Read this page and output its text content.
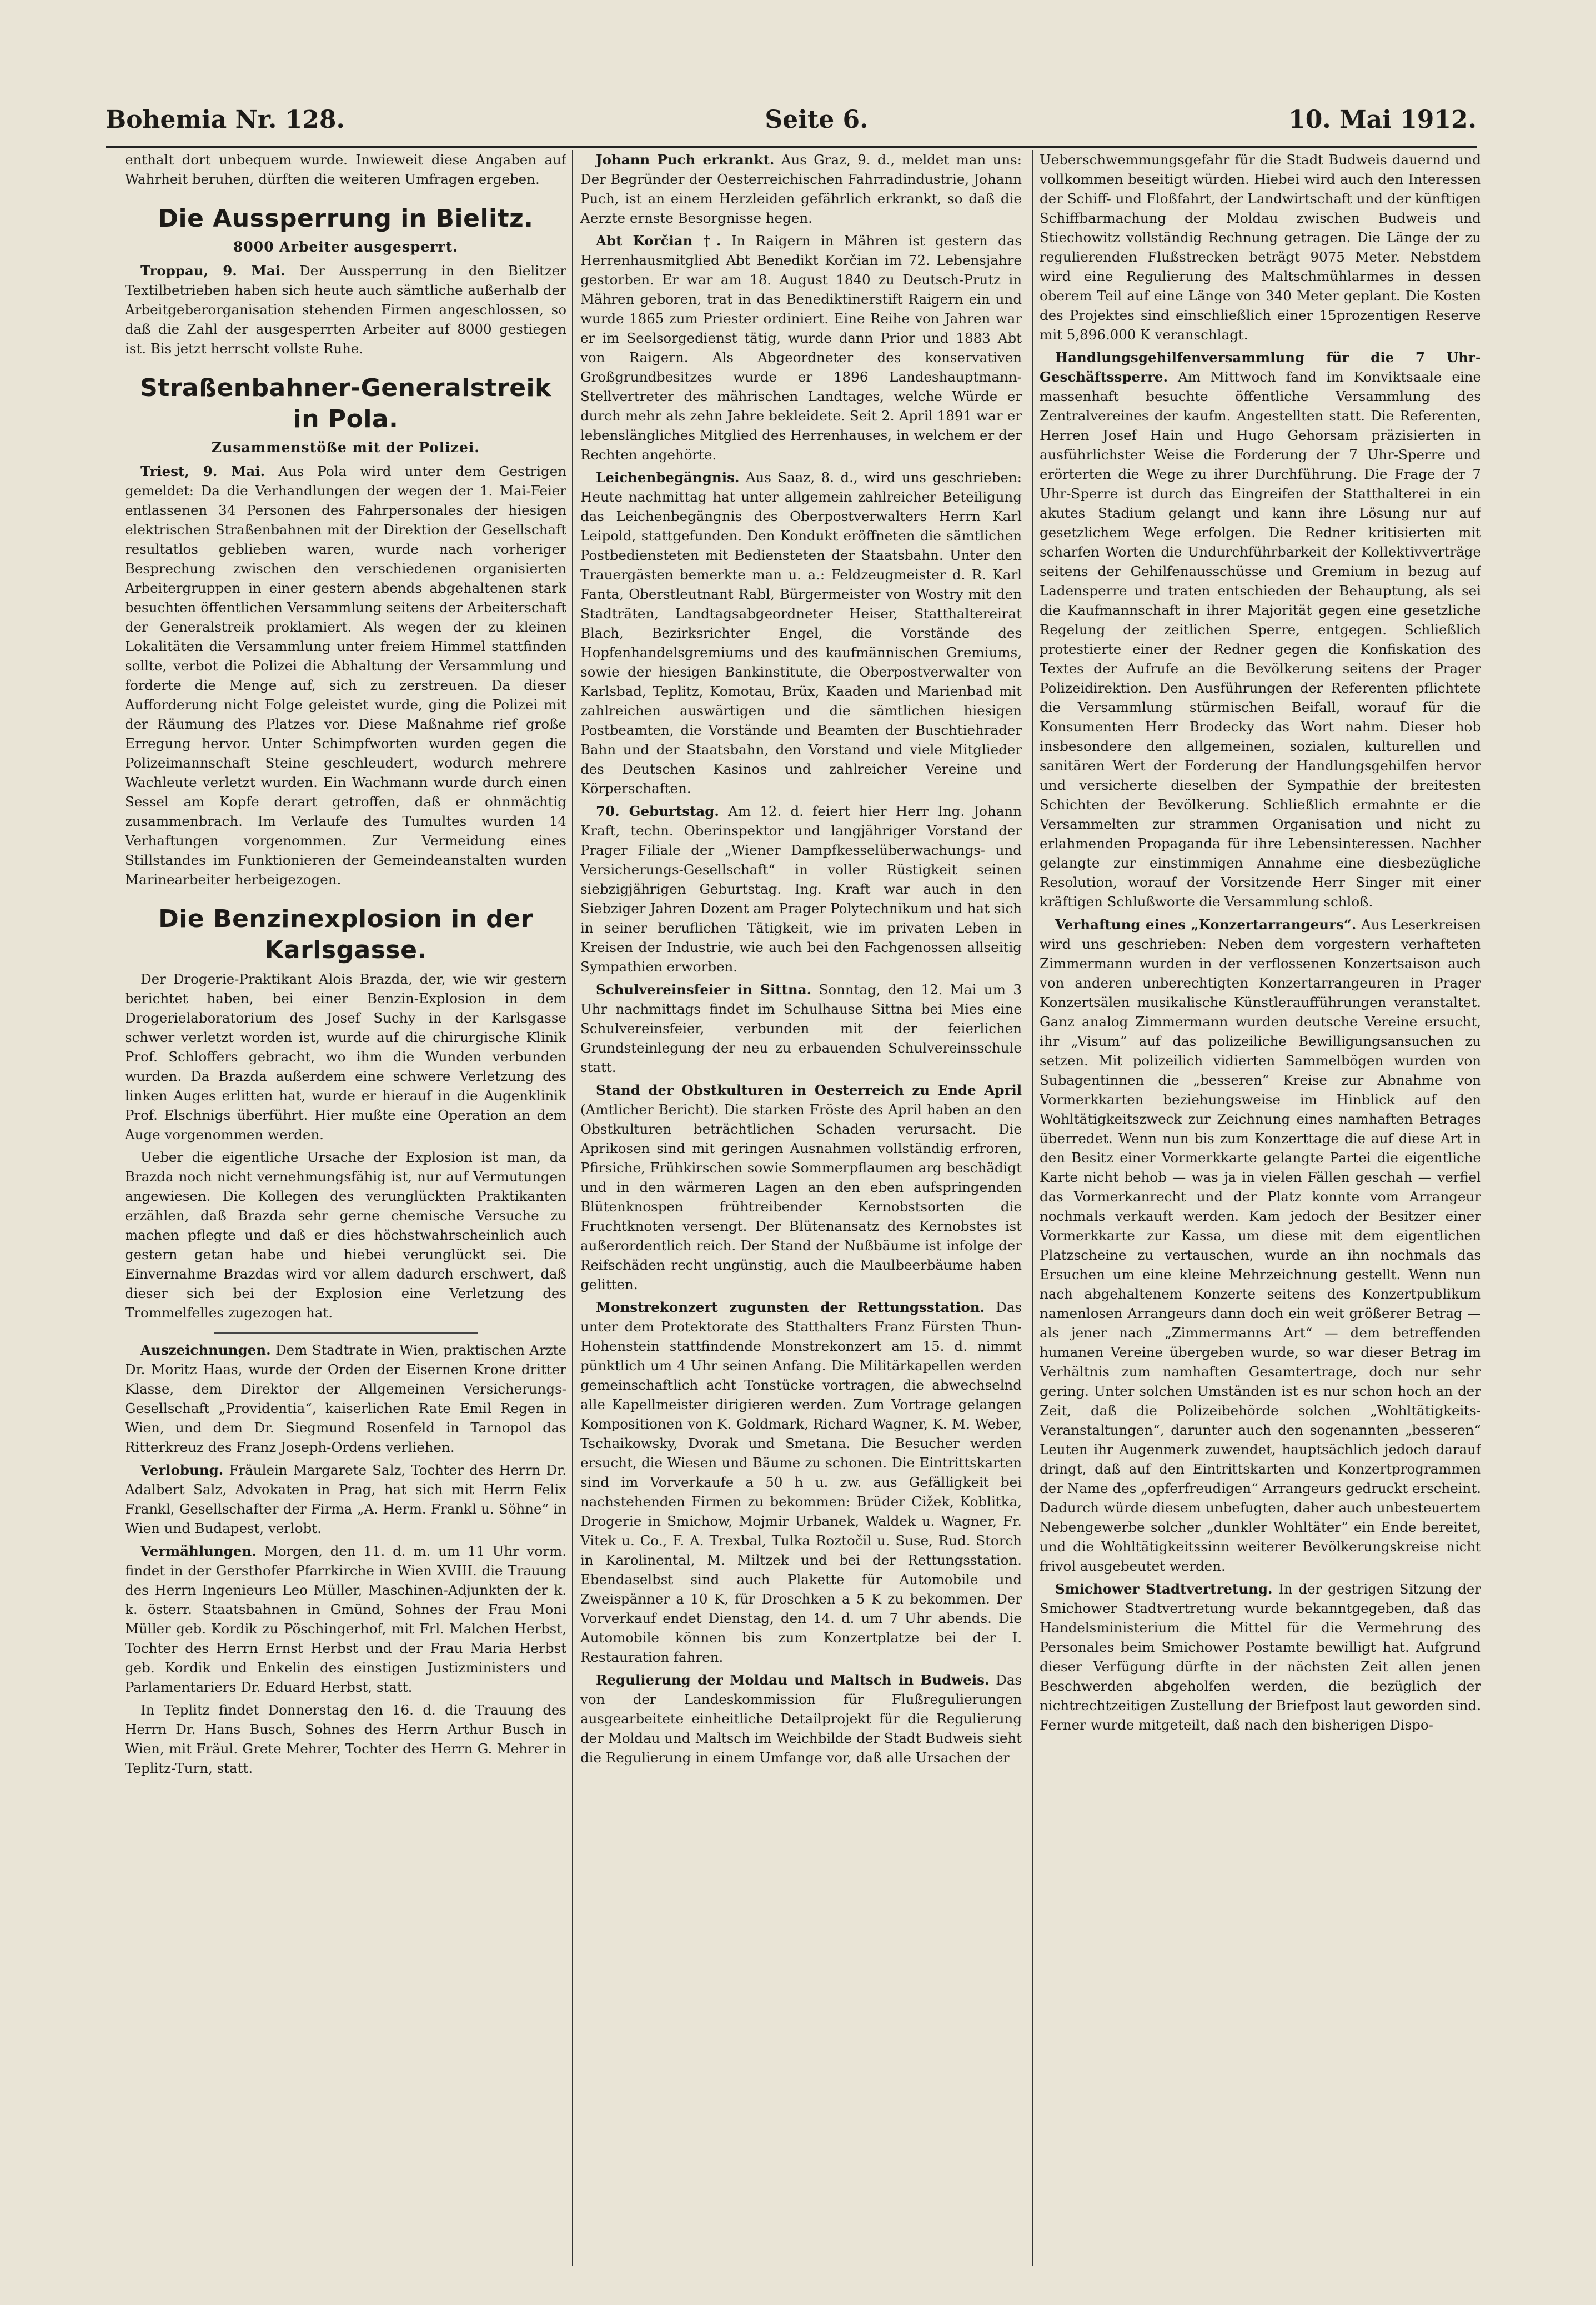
Bohemia Nr. 128.	Seite 6.	10. Mai 1912.

enthalt dort unbequem wurde. Inwieweit diese Angaben auf Wahrheit beruhen, dürften die weiteren Umfragen ergeben.

Die Aussperrung in Bielitz.
8000 Arbeiter ausgesperrt.

Troppau, 9. Mai. Der Aussperrung in den Bielitzer Textilbetrieben haben sich heute auch sämtliche außerhalb der Arbeitgeberorganisation stehenden Firmen angeschlossen, so daß die Zahl der ausgesperrten Arbeiter auf 8000 gestiegen ist. Bis jetzt herrscht vollste Ruhe.

Straßenbahner-Generalstreik in Pola.
Zusammenstöße mit der Polizei.

Triest, 9. Mai. Aus Pola wird unter dem Gestrigen gemeldet: Da die Verhandlungen der wegen der 1. Mai-Feier entlassenen 34 Personen des Fahrpersonales der hiesigen elektrischen Straßenbahnen mit der Direktion der Gesellschaft resultatlos geblieben waren, wurde nach vorheriger Besprechung zwischen den verschiedenen organisierten Arbeitergruppen in einer gestern abends abgehaltenen stark besuchten öffentlichen Versammlung seitens der Arbeiterschaft der Generalstreik proklamiert. Als wegen der zu kleinen Lokalitäten die Versammlung unter freiem Himmel stattfinden sollte, verbot die Polizei die Abhaltung der Versammlung und forderte die Menge auf, sich zu zerstreuen. Da dieser Aufforderung nicht Folge geleistet wurde, ging die Polizei mit der Räumung des Platzes vor. Diese Maßnahme rief große Erregung hervor. Unter Schimpfworten wurden gegen die Polizeimannschaft Steine geschleudert, wodurch mehrere Wachleute verletzt wurden. Ein Wachmann wurde durch einen Sessel am Kopfe derart getroffen, daß er ohnmächtig zusammenbrach. Im Verlaufe des Tumultes wurden 14 Verhaftungen vorgenommen. Zur Vermeidung eines Stillstandes im Funktionieren der Gemeindeanstalten wurden Marinearbeiter herbeigezogen.

Die Benzinexplosion in der Karlsgasse.

Der Drogerie-Praktikant Alois Brazda, der, wie wir gestern berichtet haben, bei einer Benzin-Explosion in dem Drogerielaboratorium des Josef Suchy in der Karlsgasse schwer verletzt worden ist, wurde auf die chirurgische Klinik Prof. Schloffers gebracht, wo ihm die Wunden verbunden wurden. Da Brazda außerdem eine schwere Verletzung des linken Auges erlitten hat, wurde er hierauf in die Augenklinik Prof. Elschnigs überführt. Hier mußte eine Operation an dem Auge vorgenommen werden.

Ueber die eigentliche Ursache der Explosion ist man, da Brazda noch nicht vernehmungsfähig ist, nur auf Vermutungen angewiesen. Die Kollegen des verunglückten Praktikanten erzählen, daß Brazda sehr gerne chemische Versuche zu machen pflegte und daß er dies höchstwahrscheinlich auch gestern getan habe und hiebei verunglückt sei. Die Einvernahme Brazdas wird vor allem dadurch erschwert, daß dieser sich bei der Explosion eine Verletzung des Trommelfelles zugezogen hat.

Auszeichnungen. Dem Stadtrate in Wien, praktischen Arzte Dr. Moritz Haas, wurde der Orden der Eisernen Krone dritter Klasse, dem Direktor der Allgemeinen Versicherungs-Gesellschaft „Providentia“, kaiserlichen Rate Emil Regen in Wien, und dem Dr. Siegmund Rosenfeld in Tarnopol das Ritterkreuz des Franz Joseph-Ordens verliehen.

Verlobung. Fräulein Margarete Salz, Tochter des Herrn Dr. Adalbert Salz, Advokaten in Prag, hat sich mit Herrn Felix Frankl, Gesellschafter der Firma „A. Herm. Frankl u. Söhne“ in Wien und Budapest, verlobt.

Vermählungen. Morgen, den 11. d. m. um 11 Uhr vorm. findet in der Gersthofer Pfarrkirche in Wien XVIII. die Trauung des Herrn Ingenieurs Leo Müller, Maschinen-Adjunkten der k. k. österr. Staatsbahnen in Gmünd, Sohnes der Frau Moni Müller geb. Kordik zu Pöschingerhof, mit Frl. Malchen Herbst, Tochter des Herrn Ernst Herbst und der Frau Maria Herbst geb. Kordik und Enkelin des einstigen Justizministers und Parlamentariers Dr. Eduard Herbst, statt.

In Teplitz findet Donnerstag den 16. d. die Trauung des Herrn Dr. Hans Busch, Sohnes des Herrn Arthur Busch in Wien, mit Fräul. Grete Mehrer, Tochter des Herrn G. Mehrer in Teplitz-Turn, statt.

Johann Puch erkrankt. Aus Graz, 9. d., meldet man uns: Der Begründer der Oesterreichischen Fahrradindustrie, Johann Puch, ist an einem Herzleiden gefährlich erkrankt, so daß die Aerzte ernste Besorgnisse hegen.

Abt Korčian †. In Raigern in Mähren ist gestern das Herrenhausmitglied Abt Benedikt Korčian im 72. Lebensjahre gestorben. Er war am 18. August 1840 zu Deutsch-Prutz in Mähren geboren, trat in das Benediktinerstift Raigern ein und wurde 1865 zum Priester ordiniert. Eine Reihe von Jahren war er im Seelsorgedienst tätig, wurde dann Prior und 1883 Abt von Raigern. Als Abgeordneter des konservativen Großgrundbesitzes wurde er 1896 Landeshauptmann-Stellvertreter des mährischen Landtages, welche Würde er durch mehr als zehn Jahre bekleidete. Seit 2. April 1891 war er lebenslängliches Mitglied des Herrenhauses, in welchem er der Rechten angehörte.

Leichenbegängnis. Aus Saaz, 8. d., wird uns geschrieben: Heute nachmittag hat unter allgemein zahlreicher Beteiligung das Leichenbegängnis des Oberpostverwalters Herrn Karl Leipold, stattgefunden. Den Kondukt eröffneten die sämtlichen Postbediensteten mit Bediensteten der Staatsbahn. Unter den Trauergästen bemerkte man u. a.: Feldzeugmeister d. R. Karl Fanta, Oberstleutnant Rabl, Bürgermeister von Wostry mit den Stadträten, Landtagsabgeordneter Heiser, Statthaltereirat Blach, Bezirksrichter Engel, die Vorstände des Hopfenhandelsgremiums und des kaufmännischen Gremiums, sowie der hiesigen Bankinstitute, die Oberpostverwalter von Karlsbad, Teplitz, Komotau, Brüx, Kaaden und Marienbad mit zahlreichen auswärtigen und die sämtlichen hiesigen Postbeamten, die Vorstände und Beamten der Buschtiehrader Bahn und der Staatsbahn, den Vorstand und viele Mitglieder des Deutschen Kasinos und zahlreicher Vereine und Körperschaften.

70. Geburtstag. Am 12. d. feiert hier Herr Ing. Johann Kraft, techn. Oberinspektor und langjähriger Vorstand der Prager Filiale der „Wiener Dampfkesselüberwachungs- und Versicherungs-Gesellschaft“ in voller Rüstigkeit seinen siebzigjährigen Geburtstag. Ing. Kraft war auch in den Siebziger Jahren Dozent am Prager Polytechnikum und hat sich in seiner beruflichen Tätigkeit, wie im privaten Leben in Kreisen der Industrie, wie auch bei den Fachgenossen allseitig Sympathien erworben.

Schulvereinsfeier in Sittna. Sonntag, den 12. Mai um 3 Uhr nachmittags findet im Schulhause Sittna bei Mies eine Schulvereinsfeier, verbunden mit der feierlichen Grundsteinlegung der neu zu erbauenden Schulvereinsschule statt.

Stand der Obstkulturen in Oesterreich zu Ende April (Amtlicher Bericht). Die starken Fröste des April haben an den Obstkulturen beträchtlichen Schaden verursacht. Die Aprikosen sind mit geringen Ausnahmen vollständig erfroren, Pfirsiche, Frühkirschen sowie Sommerpflaumen arg beschädigt und in den wärmeren Lagen an den eben aufspringenden Blütenknospen frühtreibender Kernobstsorten die Fruchtknoten versengt. Der Blütenansatz des Kernobstes ist außerordentlich reich. Der Stand der Nußbäume ist infolge der Reifschäden recht ungünstig, auch die Maulbeerbäume haben gelitten.

Monstrekonzert zugunsten der Rettungsstation. Das unter dem Protektorate des Statthalters Franz Fürsten Thun-Hohenstein stattfindende Monstrekonzert am 15. d. nimmt pünktlich um 4 Uhr seinen Anfang. Die Militärkapellen werden gemeinschaftlich acht Tonstücke vortragen, die abwechselnd alle Kapellmeister dirigieren werden. Zum Vortrage gelangen Kompositionen von K. Goldmark, Richard Wagner, K. M. Weber, Tschaikowsky, Dvorak und Smetana. Die Besucher werden ersucht, die Wiesen und Bäume zu schonen. Die Eintrittskarten sind im Vorverkaufe a 50 h u. zw. aus Gefälligkeit bei nachstehenden Firmen zu bekommen: Brüder Cižek, Koblitka, Drogerie in Smichow, Mojmir Urbanek, Waldek u. Wagner, Fr. Vitek u. Co., F. A. Trexbal, Tulka Roztočil u. Suse, Rud. Storch in Karolinental, M. Miltzek und bei der Rettungsstation. Ebendaselbst sind auch Plakette für Automobile und Zweispänner a 10 K, für Droschken a 5 K zu bekommen. Der Vorverkauf endet Dienstag, den 14. d. um 7 Uhr abends. Die Automobile können bis zum Konzertplatze bei der I. Restauration fahren.

Regulierung der Moldau und Maltsch in Budweis. Das von der Landeskommission für Flußregulierungen ausgearbeitete einheitliche Detailprojekt für die Regulierung der Moldau und Maltsch im Weichbilde der Stadt Budweis sieht die Regulierung in einem Umfange vor, daß alle Ursachen der

Ueberschwemmungsgefahr für die Stadt Budweis dauernd und vollkommen beseitigt würden. Hiebei wird auch den Interessen der Schiff- und Floßfahrt, der Landwirtschaft und der künftigen Schiffbarmachung der Moldau zwischen Budweis und Stiechowitz vollständig Rechnung getragen. Die Länge der zu regulierenden Flußstrecken beträgt 9075 Meter. Nebstdem wird eine Regulierung des Maltschmühlarmes in dessen oberem Teil auf eine Länge von 340 Meter geplant. Die Kosten des Projektes sind einschließlich einer 15prozentigen Reserve mit 5,896.000 K veranschlagt.

Handlungsgehilfenversammlung für die 7 Uhr-Geschäftssperre. Am Mittwoch fand im Konviktsaale eine massenhaft besuchte öffentliche Versammlung des Zentralvereines der kaufm. Angestellten statt. Die Referenten, Herren Josef Hain und Hugo Gehorsam präzisierten in ausführlichster Weise die Forderung der 7 Uhr-Sperre und erörterten die Wege zu ihrer Durchführung. Die Frage der 7 Uhr-Sperre ist durch das Eingreifen der Statthalterei in ein akutes Stadium gelangt und kann ihre Lösung nur auf gesetzlichem Wege erfolgen. Die Redner kritisierten mit scharfen Worten die Undurchführbarkeit der Kollektivverträge seitens der Gehilfenausschüsse und Gremium in bezug auf Ladensperre und traten entschieden der Behauptung, als sei die Kaufmannschaft in ihrer Majorität gegen eine gesetzliche Regelung der zeitlichen Sperre, entgegen. Schließlich protestierte einer der Redner gegen die Konfiskation des Textes der Aufrufe an die Bevölkerung seitens der Prager Polizeidirektion. Den Ausführungen der Referenten pflichtete die Versammlung stürmischen Beifall, worauf für die Konsumenten Herr Brodecky das Wort nahm. Dieser hob insbesondere den allgemeinen, sozialen, kulturellen und sanitären Wert der Forderung der Handlungsgehilfen hervor und versicherte dieselben der Sympathie der breitesten Schichten der Bevölkerung. Schließlich ermahnte er die Versammelten zur strammen Organisation und nicht zu erlahmenden Propaganda für ihre Lebensinteressen. Nachher gelangte zur einstimmigen Annahme eine diesbezügliche Resolution, worauf der Vorsitzende Herr Singer mit einer kräftigen Schlußworte die Versammlung schloß.

Verhaftung eines „Konzertarrangeurs“. Aus Leserkreisen wird uns geschrieben: Neben dem vorgestern verhafteten Zimmermann wurden in der verflossenen Konzertsaison auch von anderen unberechtigten Konzertarrangeuren in Prager Konzertsälen musikalische Künstleraufführungen veranstaltet. Ganz analog Zimmermann wurden deutsche Vereine ersucht, ihr „Visum“ auf das polizeiliche Bewilligungsansuchen zu setzen. Mit polizeilich vidierten Sammelbögen wurden von Subagentinnen die „besseren“ Kreise zur Abnahme von Vormerkkarten beziehungsweise im Hinblick auf den Wohltätigkeitszweck zur Zeichnung eines namhaften Betrages überredet. Wenn nun bis zum Konzerttage die auf diese Art in den Besitz einer Vormerkkarte gelangte Partei die eigentliche Karte nicht behob — was ja in vielen Fällen geschah — verfiel das Vormerkanrecht und der Platz konnte vom Arrangeur nochmals verkauft werden. Kam jedoch der Besitzer einer Vormerkkarte zur Kassa, um diese mit dem eigentlichen Platzscheine zu vertauschen, wurde an ihn nochmals das Ersuchen um eine kleine Mehrzeichnung gestellt. Wenn nun nach abgehaltenem Konzerte seitens des Konzertpublikum namenlosen Arrangeurs dann doch ein weit größerer Betrag — als jener nach „Zimmermanns Art“ — dem betreffenden humanen Vereine übergeben wurde, so war dieser Betrag im Verhältnis zum namhaften Gesamtertrage, doch nur sehr gering. Unter solchen Umständen ist es nur schon hoch an der Zeit, daß die Polizeibehörde solchen „Wohltätigkeits-Veranstaltungen“, darunter auch den sogenannten „besseren“ Leuten ihr Augenmerk zuwendet, hauptsächlich jedoch darauf dringt, daß auf den Eintrittskarten und Konzertprogrammen der Name des „opferfreudigen“ Arrangeurs gedruckt erscheint. Dadurch würde diesem unbefugten, daher auch unbesteuertem Nebengewerbe solcher „dunkler Wohltäter“ ein Ende bereitet, und die Wohltätigkeitssinn weiterer Bevölkerungskreise nicht frivol ausgebeutet werden.

Smichower Stadtvertretung. In der gestrigen Sitzung der Smichower Stadtvertretung wurde bekanntgegeben, daß das Handelsministerium die Mittel für die Vermehrung des Personales beim Smichower Postamte bewilligt hat. Aufgrund dieser Verfügung dürfte in der nächsten Zeit allen jenen Beschwerden abgeholfen werden, die bezüglich der nichtrechtzeitigen Zustellung der Briefpost laut geworden sind. Ferner wurde mitgeteilt, daß nach den bisherigen Dispo-
